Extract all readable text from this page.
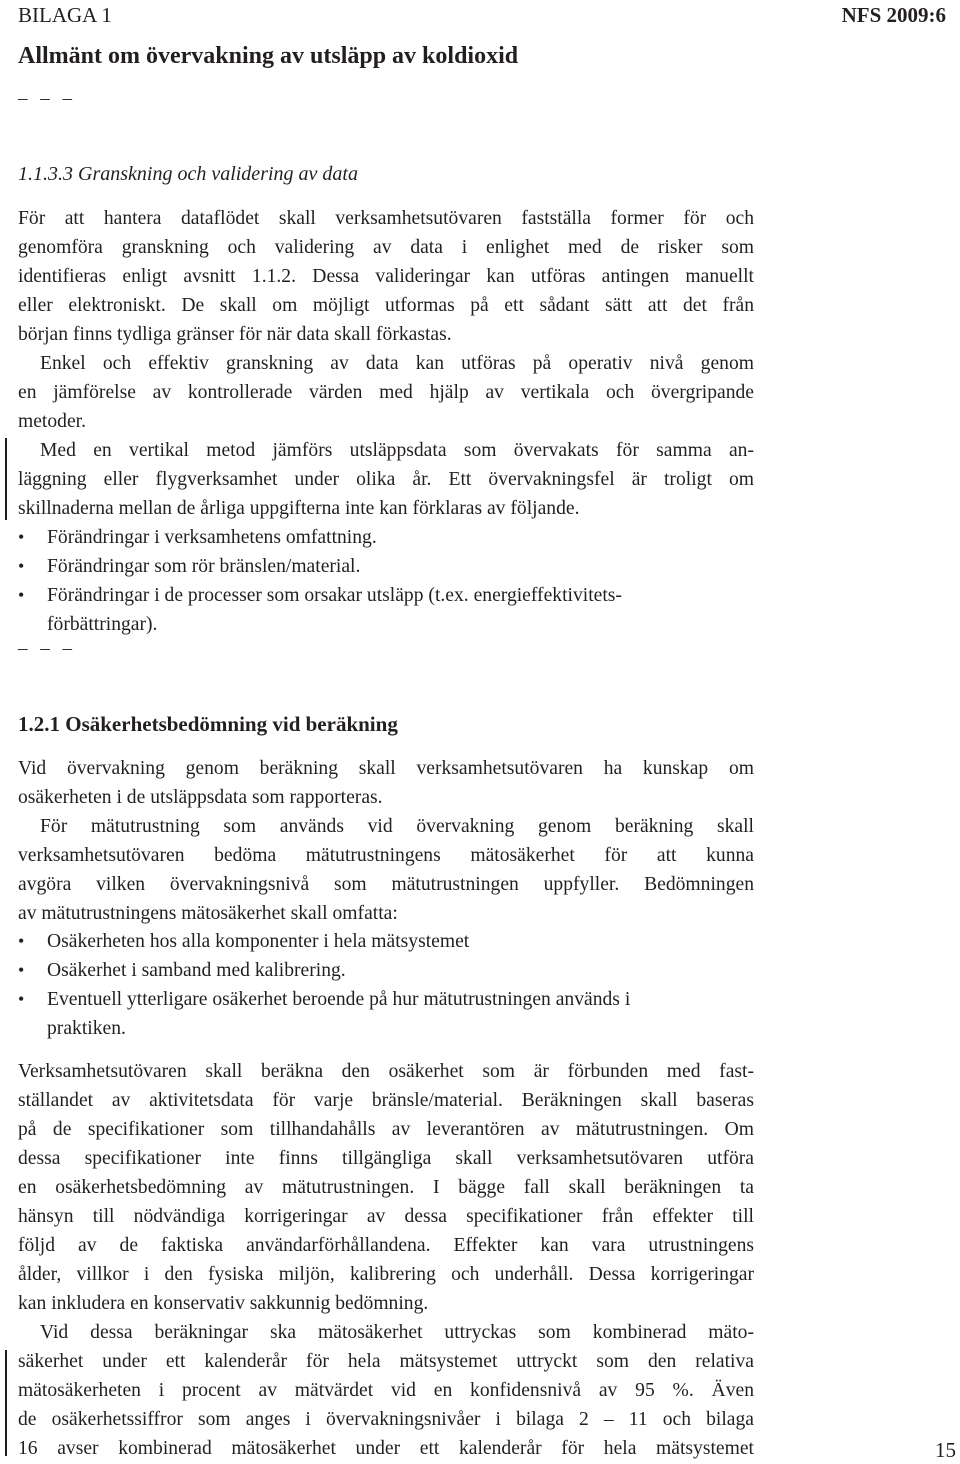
BILAGA 1	NFS 2009:6
Allmänt om övervakning av utsläpp av koldioxid
– – –
1.1.3.3 Granskning och validering av data
För att hantera dataflödet skall verksamhetsutövaren fastställa former för och
genomföra granskning och validering av data i enlighet med de risker som
identifieras enligt avsnitt 1.1.2. Dessa valideringar kan utföras antingen manuellt
eller elektroniskt. De skall om möjligt utformas på ett sådant sätt att det från
början finns tydliga gränser för när data skall förkastas.
Enkel och effektiv granskning av data kan utföras på operativ nivå genom
en jämförelse av kontrollerade värden med hjälp av vertikala och övergripande
metoder.
Med en vertikal metod jämförs utsläppsdata som övervakats för samma an-
läggning eller flygverksamhet under olika år. Ett övervakningsfel är troligt om
skillnaderna mellan de årliga uppgifterna inte kan förklaras av följande.
• Förändringar i verksamhetens omfattning.
• Förändringar som rör bränslen/material.
• Förändringar i de processer som orsakar utsläpp (t.ex. energieffektivitets-
förbättringar).
– – –
1.2.1 Osäkerhetsbedömning vid beräkning
Vid övervakning genom beräkning skall verksamhetsutövaren ha kunskap om
osäkerheten i de utsläppsdata som rapporteras.
För mätutrustning som används vid övervakning genom beräkning skall
verksamhetsutövaren bedöma mätutrustningens mätosäkerhet för att kunna
avgöra vilken övervakningsnivå som mätutrustningen uppfyller. Bedömningen
av mätutrustningens mätosäkerhet skall omfatta:
• Osäkerheten hos alla komponenter i hela mätsystemet
• Osäkerhet i samband med kalibrering.
• Eventuell ytterligare osäkerhet beroende på hur mätutrustningen används i
praktiken.
Verksamhetsutövaren skall beräkna den osäkerhet som är förbunden med fast-
ställandet av aktivitetsdata för varje bränsle/material. Beräkningen skall baseras
på de specifikationer som tillhandahålls av leverantören av mätutrustningen. Om
dessa specifikationer inte finns tillgängliga skall verksamhetsutövaren utföra
en osäkerhetsbedömning av mätutrustningen. I bägge fall skall beräkningen ta
hänsyn till nödvändiga korrigeringar av dessa specifikationer från effekter till
följd av de faktiska användarförhållandena. Effekter kan vara utrustningens
ålder, villkor i den fysiska miljön, kalibrering och underhåll. Dessa korrigeringar
kan inkludera en konservativ sakkunnig bedömning.
Vid dessa beräkningar ska mätosäkerhet uttryckas som kombinerad mäto-
säkerhet under ett kalenderår för hela mätsystemet uttryckt som den relativa
mätosäkerheten i procent av mätvärdet vid en konfidensnivå av 95 %. Även
de osäkerhetssiffror som anges i övervakningsnivåer i bilaga 2 – 11 och bilaga
16 avser kombinerad mätosäkerhet under ett kalenderår för hela mätsystemet	15
